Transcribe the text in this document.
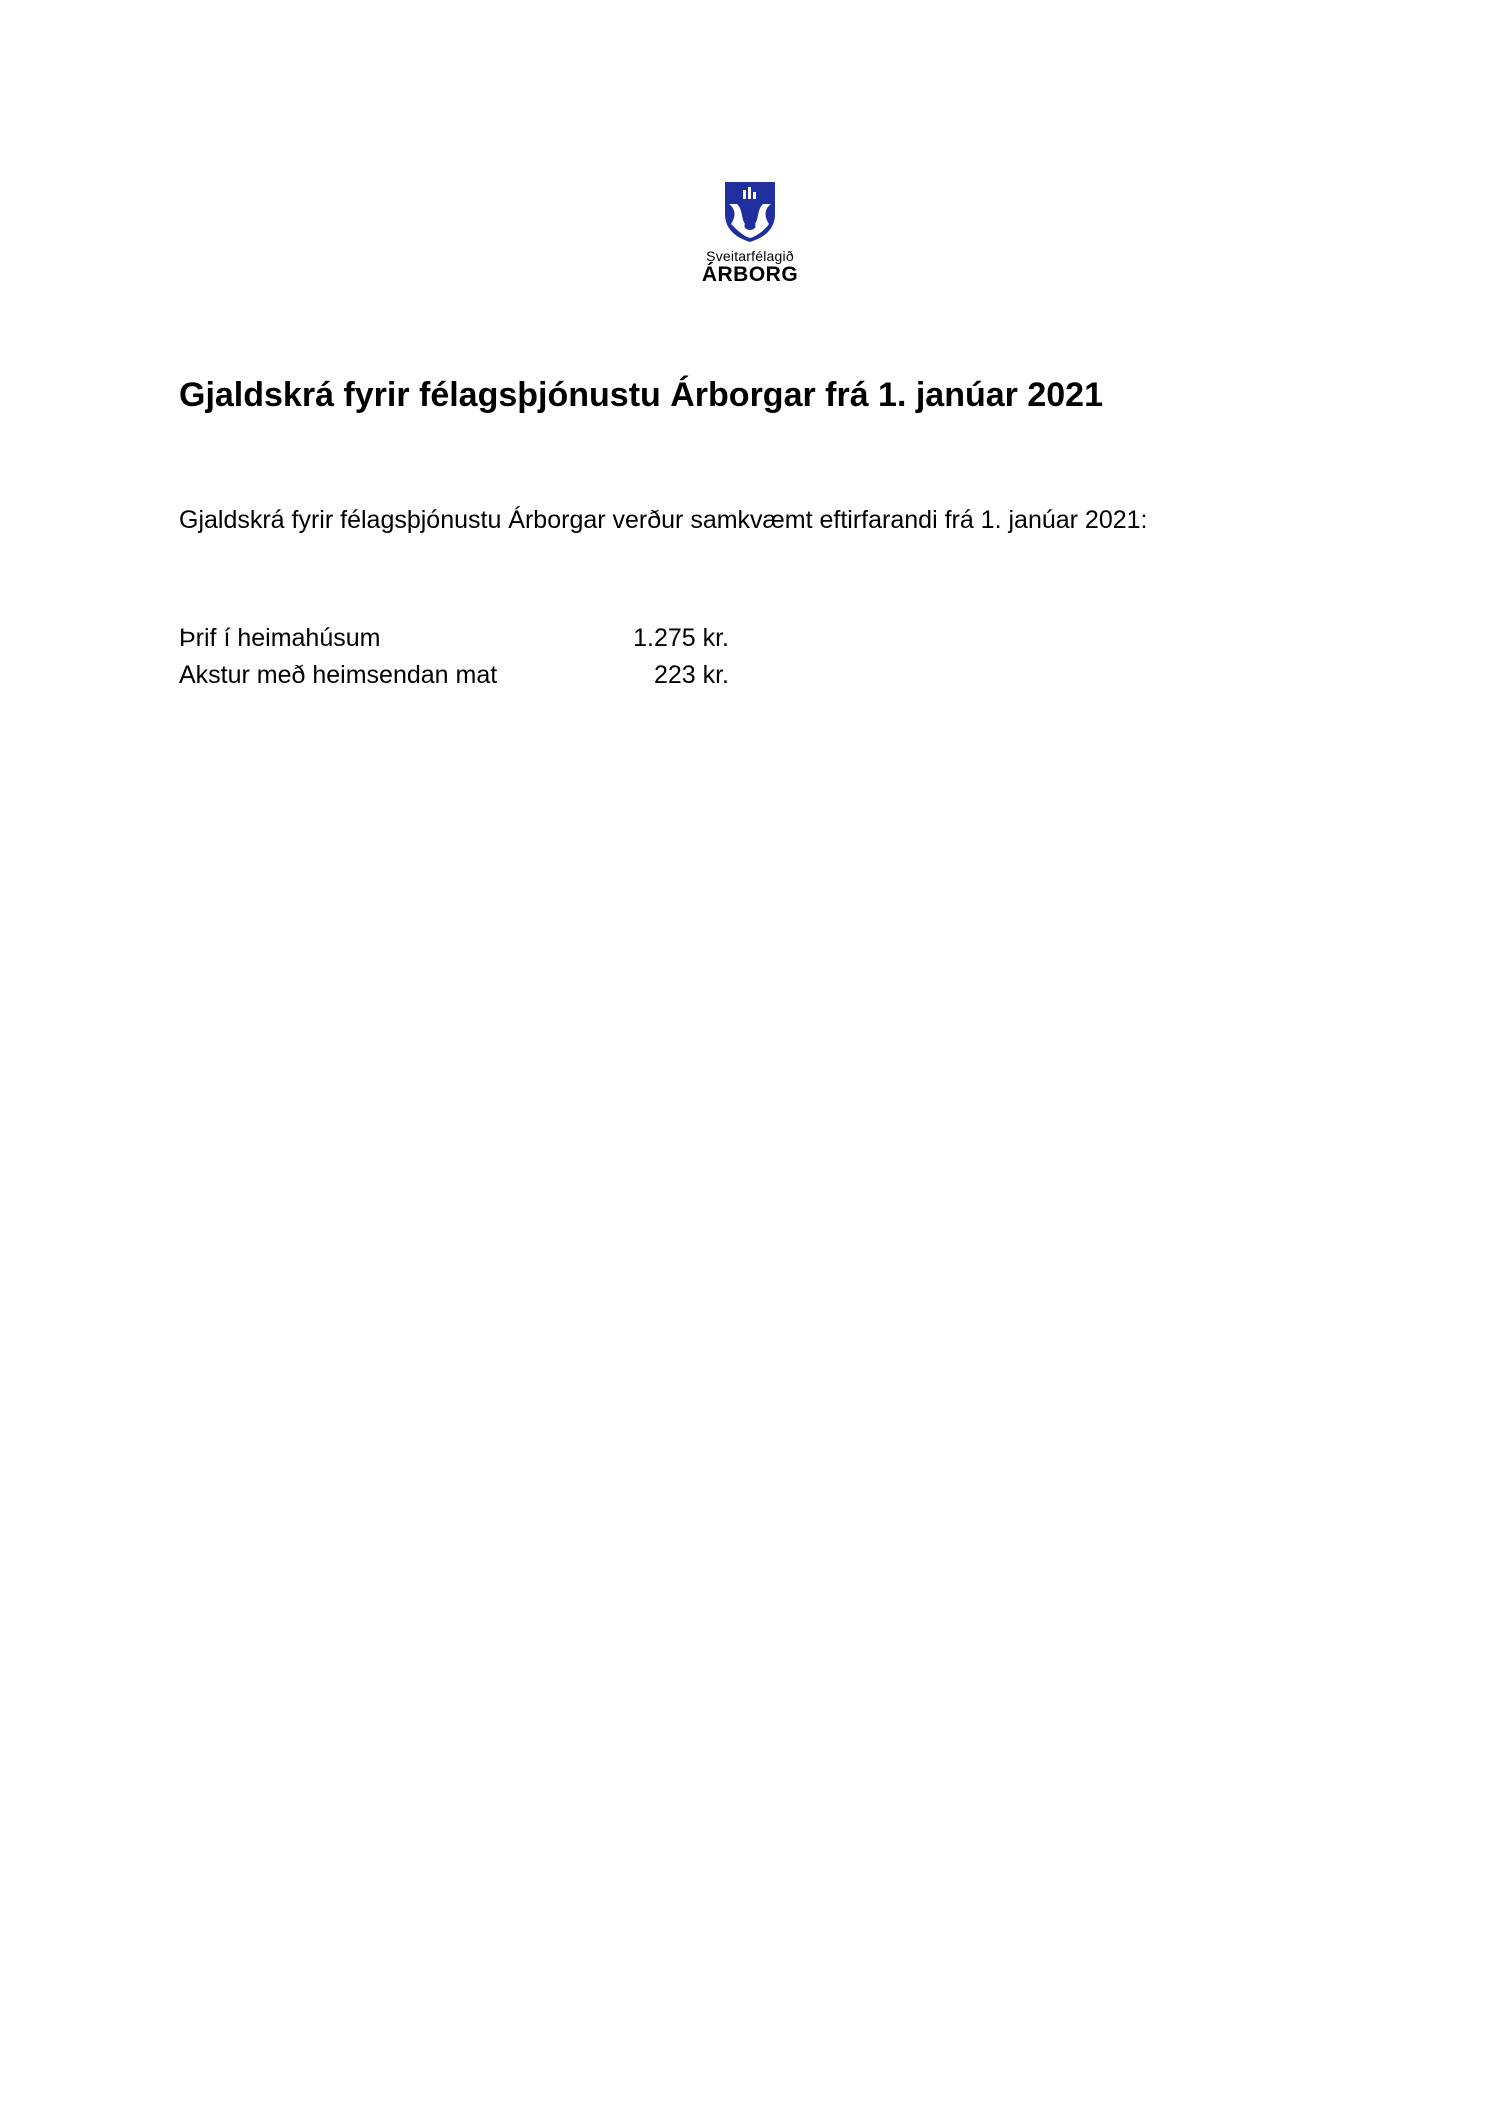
Sveitarfélagið
ÁRBORG
Gjaldskrá fyrir félagsþjónustu Árborgar frá 1. janúar 2021
Gjaldskrá fyrir félagsþjónustu Árborgar verður samkvæmt eftirfarandi frá 1. janúar 2021:
Þrif í heimahúsum	1.275 kr.
Akstur með heimsendan mat	223 kr.
